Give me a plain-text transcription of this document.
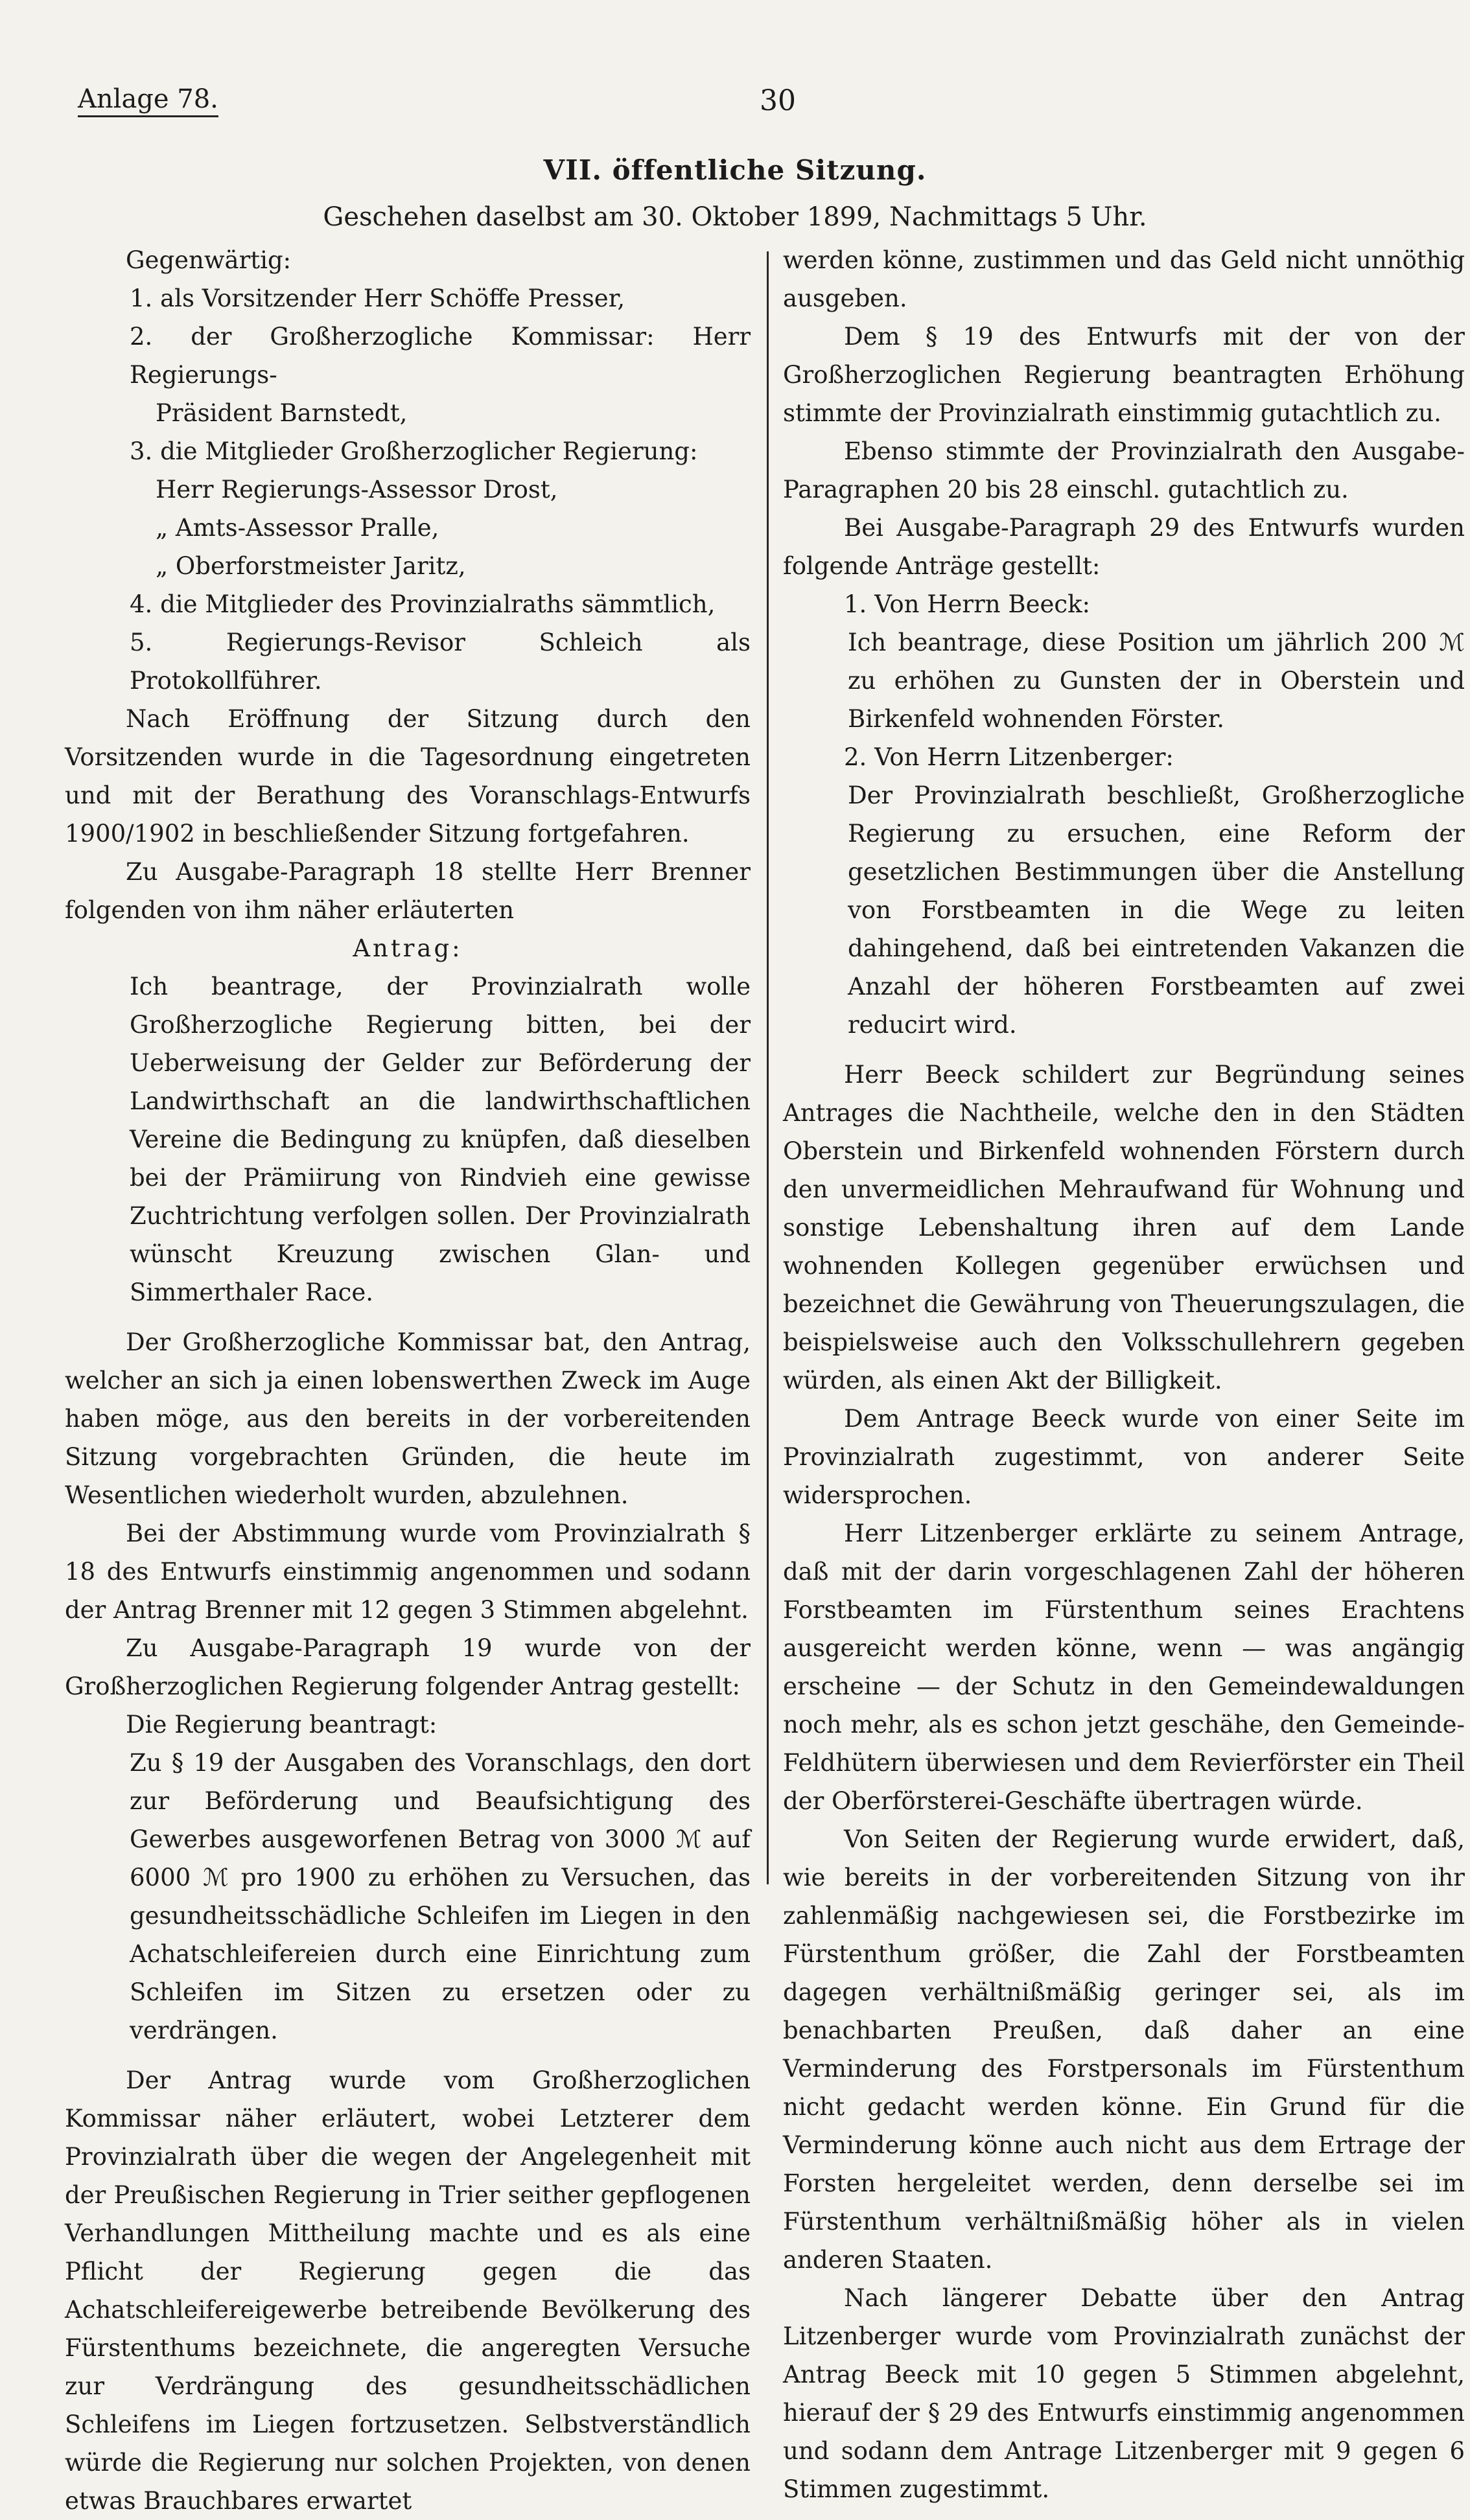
Anlage 78.	30
VII. öffentliche Sitzung.
Geschehen daselbst am 30. Oktober 1899, Nachmittags 5 Uhr.

Gegenwärtig:

1. als Vorsitzender Herr Schöffe Presser,

2. der Großherzogliche Kommissar: Herr Regierungs-

Präsident Barnstedt,

3. die Mitglieder Großherzoglicher Regierung:

Herr Regierungs-Assessor Drost,

„ Amts-Assessor Pralle,

„ Oberforstmeister Jaritz,

4. die Mitglieder des Provinzialraths sämmtlich,

5. Regierungs-Revisor Schleich als Protokollführer.

Nach Eröffnung der Sitzung durch den Vorsitzenden wurde in die Tagesordnung eingetreten und mit der Berathung des Voranschlags-Entwurfs 1900/1902 in beschließender Sitzung fortgefahren.

Zu Ausgabe-Paragraph 18 stellte Herr Brenner folgenden von ihm näher erläuterten

Antrag:

Ich beantrage, der Provinzialrath wolle Großherzogliche Regierung bitten, bei der Ueberweisung der Gelder zur Beförderung der Landwirthschaft an die landwirthschaftlichen Vereine die Bedingung zu knüpfen, daß dieselben bei der Prämiirung von Rindvieh eine gewisse Zuchtrichtung verfolgen sollen. Der Provinzialrath wünscht Kreuzung zwischen Glan- und Simmerthaler Race.

Der Großherzogliche Kommissar bat, den Antrag, welcher an sich ja einen lobenswerthen Zweck im Auge haben möge, aus den bereits in der vorbereitenden Sitzung vorgebrachten Gründen, die heute im Wesentlichen wiederholt wurden, abzulehnen.

Bei der Abstimmung wurde vom Provinzialrath § 18 des Entwurfs einstimmig angenommen und sodann der Antrag Brenner mit 12 gegen 3 Stimmen abgelehnt.

Zu Ausgabe-Paragraph 19 wurde von der Großherzoglichen Regierung folgender Antrag gestellt:

Die Regierung beantragt:

Zu § 19 der Ausgaben des Voranschlags, den dort zur Beförderung und Beaufsichtigung des Gewerbes ausgeworfenen Betrag von 3000 ℳ auf 6000 ℳ pro 1900 zu erhöhen zu Versuchen, das gesundheitsschädliche Schleifen im Liegen in den Achatschleifereien durch eine Einrichtung zum Schleifen im Sitzen zu ersetzen oder zu verdrängen.

Der Antrag wurde vom Großherzoglichen Kommissar näher erläutert, wobei Letzterer dem Provinzialrath über die wegen der Angelegenheit mit der Preußischen Regierung in Trier seither gepflogenen Verhandlungen Mittheilung machte und es als eine Pflicht der Regierung gegen die das Achatschleifereigewerbe betreibende Bevölkerung des Fürstenthums bezeichnete, die angeregten Versuche zur Verdrängung des gesundheitsschädlichen Schleifens im Liegen fortzusetzen. Selbstverständlich würde die Regierung nur solchen Projekten, von denen etwas Brauchbares erwartet

werden könne, zustimmen und das Geld nicht unnöthig ausgeben.

Dem § 19 des Entwurfs mit der von der Großherzoglichen Regierung beantragten Erhöhung stimmte der Provinzialrath einstimmig gutachtlich zu.

Ebenso stimmte der Provinzialrath den Ausgabe-Paragraphen 20 bis 28 einschl. gutachtlich zu.

Bei Ausgabe-Paragraph 29 des Entwurfs wurden folgende Anträge gestellt:

1. Von Herrn Beeck:

Ich beantrage, diese Position um jährlich 200 ℳ zu erhöhen zu Gunsten der in Oberstein und Birkenfeld wohnenden Förster.

2. Von Herrn Litzenberger:

Der Provinzialrath beschließt, Großherzogliche Regierung zu ersuchen, eine Reform der gesetzlichen Bestimmungen über die Anstellung von Forstbeamten in die Wege zu leiten dahingehend, daß bei eintretenden Vakanzen die Anzahl der höheren Forstbeamten auf zwei reducirt wird.

Herr Beeck schildert zur Begründung seines Antrages die Nachtheile, welche den in den Städten Oberstein und Birkenfeld wohnenden Förstern durch den unvermeidlichen Mehraufwand für Wohnung und sonstige Lebenshaltung ihren auf dem Lande wohnenden Kollegen gegenüber erwüchsen und bezeichnet die Gewährung von Theuerungszulagen, die beispielsweise auch den Volksschullehrern gegeben würden, als einen Akt der Billigkeit.

Dem Antrage Beeck wurde von einer Seite im Provinzialrath zugestimmt, von anderer Seite widersprochen.

Herr Litzenberger erklärte zu seinem Antrage, daß mit der darin vorgeschlagenen Zahl der höheren Forstbeamten im Fürstenthum seines Erachtens ausgereicht werden könne, wenn — was angängig erscheine — der Schutz in den Gemeindewaldungen noch mehr, als es schon jetzt geschähe, den Gemeinde-Feldhütern überwiesen und dem Revierförster ein Theil der Oberförsterei-Geschäfte übertragen würde.

Von Seiten der Regierung wurde erwidert, daß, wie bereits in der vorbereitenden Sitzung von ihr zahlenmäßig nachgewiesen sei, die Forstbezirke im Fürstenthum größer, die Zahl der Forstbeamten dagegen verhältnißmäßig geringer sei, als im benachbarten Preußen, daß daher an eine Verminderung des Forstpersonals im Fürstenthum nicht gedacht werden könne. Ein Grund für die Verminderung könne auch nicht aus dem Ertrage der Forsten hergeleitet werden, denn derselbe sei im Fürstenthum verhältnißmäßig höher als in vielen anderen Staaten.

Nach längerer Debatte über den Antrag Litzenberger wurde vom Provinzialrath zunächst der Antrag Beeck mit 10 gegen 5 Stimmen abgelehnt, hierauf der § 29 des Entwurfs einstimmig angenommen und sodann dem Antrage Litzenberger mit 9 gegen 6 Stimmen zugestimmt.
